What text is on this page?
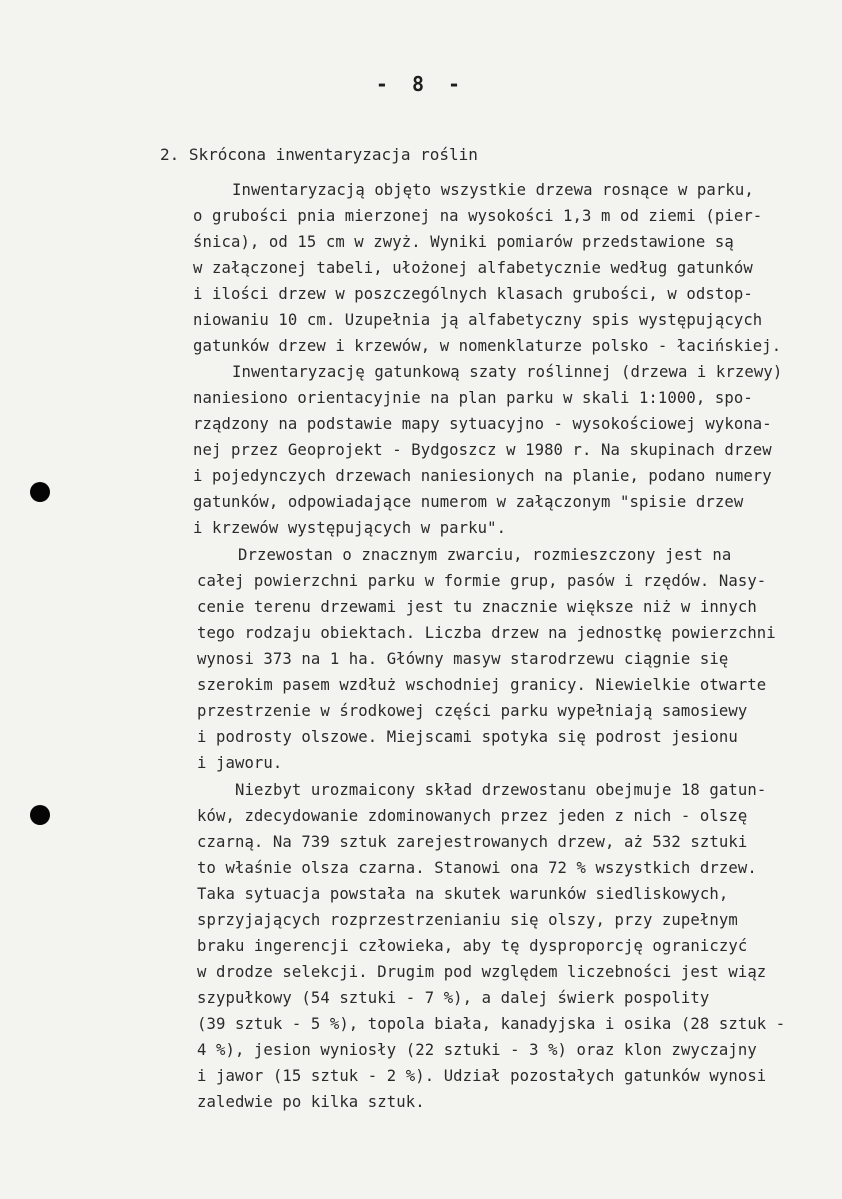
- 8 -
2. Skrócona inwentaryzacja roślin
Inwentaryzacją objęto wszystkie drzewa rosnące w parku,
o grubości pnia mierzonej na wysokości 1,3 m od ziemi (pier-
śnica), od 15 cm w zwyż. Wyniki pomiarów przedstawione są
w załączonej tabeli, ułożonej alfabetycznie według gatunków
i ilości drzew w poszczególnych klasach grubości, w odstop-
niowaniu 10 cm. Uzupełnia ją alfabetyczny spis występujących
gatunków drzew i krzewów, w nomenklaturze polsko - łacińskiej.
Inwentaryzację gatunkową szaty roślinnej (drzewa i krzewy)
naniesiono orientacyjnie na plan parku w skali 1:1000, spo-
rządzony na podstawie mapy sytuacyjno - wysokościowej wykona-
nej przez Geoprojekt - Bydgoszcz w 1980 r. Na skupinach drzew
i pojedynczych drzewach naniesionych na planie, podano numery
gatunków, odpowiadające numerom w załączonym "spisie drzew
i krzewów występujących w parku".
Drzewostan o znacznym zwarciu, rozmieszczony jest na
całej powierzchni parku w formie grup, pasów i rzędów. Nasy-
cenie terenu drzewami jest tu znacznie większe niż w innych
tego rodzaju obiektach. Liczba drzew na jednostkę powierzchni
wynosi 373 na 1 ha. Główny masyw starodrzewu ciągnie się
szerokim pasem wzdłuż wschodniej granicy. Niewielkie otwarte
przestrzenie w środkowej części parku wypełniają samosiewy
i podrosty olszowe. Miejscami spotyka się podrost jesionu
i jaworu.
Niezbyt urozmaicony skład drzewostanu obejmuje 18 gatun-
ków, zdecydowanie zdominowanych przez jeden z nich - olszę
czarną. Na 739 sztuk zarejestrowanych drzew, aż 532 sztuki
to właśnie olsza czarna. Stanowi ona 72 % wszystkich drzew.
Taka sytuacja powstała na skutek warunków siedliskowych,
sprzyjających rozprzestrzenianiu się olszy, przy zupełnym
braku ingerencji człowieka, aby tę dysproporcję ograniczyć
w drodze selekcji. Drugim pod względem liczebności jest wiąz
szypułkowy (54 sztuki - 7 %), a dalej świerk pospolity
(39 sztuk - 5 %), topola biała, kanadyjska i osika (28 sztuk -
4 %), jesion wyniosły (22 sztuki - 3 %) oraz klon zwyczajny
i jawor (15 sztuk - 2 %). Udział pozostałych gatunków wynosi
zaledwie po kilka sztuk.
